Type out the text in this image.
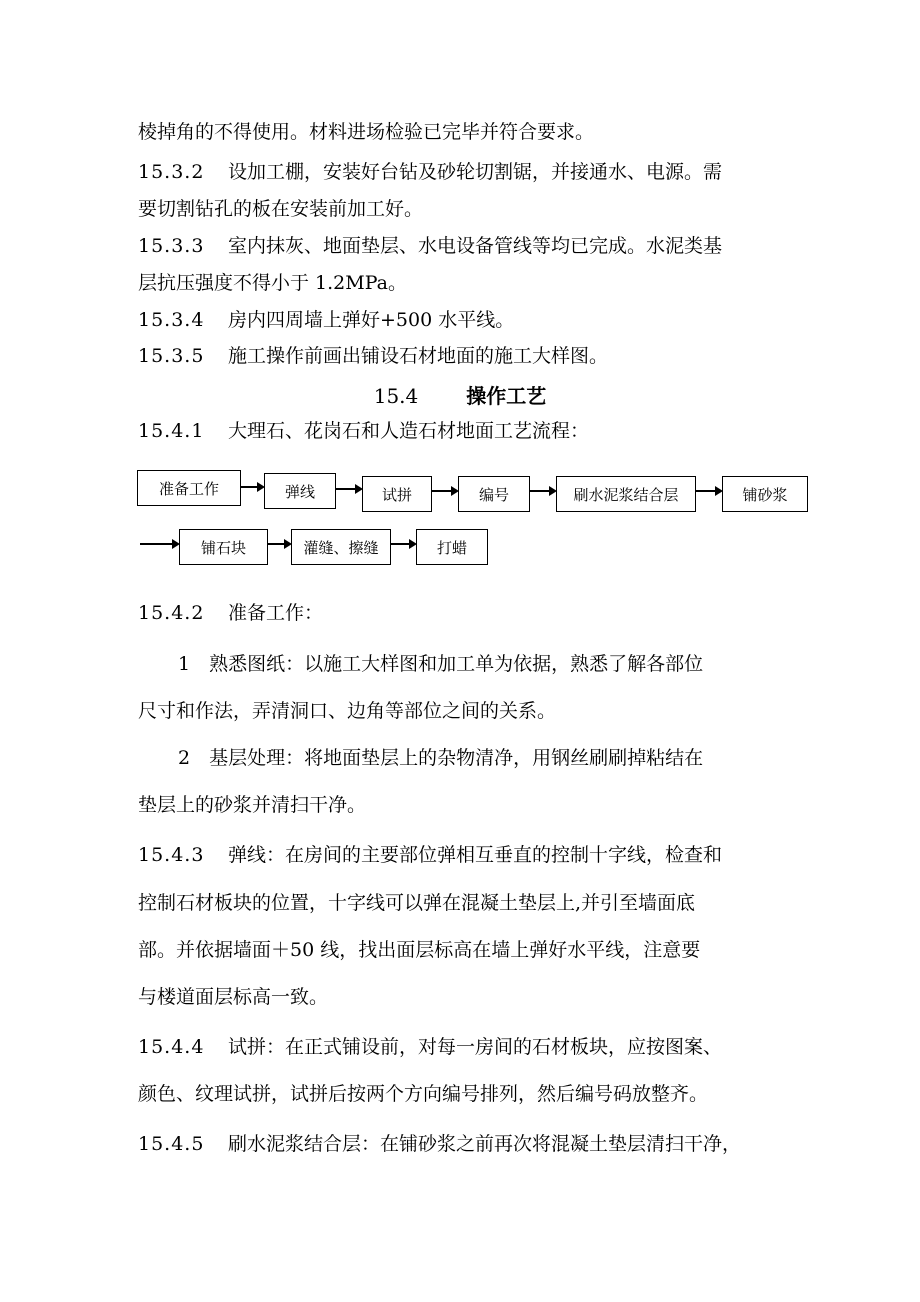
棱掉角的不得使用。材料进场检验已完毕并符合要求。
15.3.2 设加工棚，安装好台钻及砂轮切割锯，并接通水、电源。需
要切割钻孔的板在安装前加工好。
15.3.3 室内抹灰、地面垫层、水电设备管线等均已完成。水泥类基
层抗压强度不得小于 1.2MPa。
15.3.4 房内四周墙上弹好+500 水平线。
15.3.5 施工操作前画出铺设石材地面的施工大样图。
15.4 操作工艺
15.4.1 大理石、花岗石和人造石材地面工艺流程：
准备工作	弹线	试拼	编号	刷水泥浆结合层	铺砂浆
铺石块	灌缝、擦缝	打蜡
15.4.2 准备工作：
1　熟悉图纸：以施工大样图和加工单为依据，熟悉了解各部位
尺寸和作法，弄清洞口、边角等部位之间的关系。
2　基层处理：将地面垫层上的杂物清净，用钢丝刷刷掉粘结在
垫层上的砂浆并清扫干净。
15.4.3 弹线：在房间的主要部位弹相互垂直的控制十字线，检查和
控制石材板块的位置，十字线可以弹在混凝土垫层上,并引至墙面底
部。并依据墙面＋50 线，找出面层标高在墙上弹好水平线，注意要
与楼道面层标高一致。
15.4.4 试拼：在正式铺设前，对每一房间的石材板块，应按图案、
颜色、纹理试拼，试拼后按两个方向编号排列，然后编号码放整齐。
15.4.5 刷水泥浆结合层：在铺砂浆之前再次将混凝土垫层清扫干净，
